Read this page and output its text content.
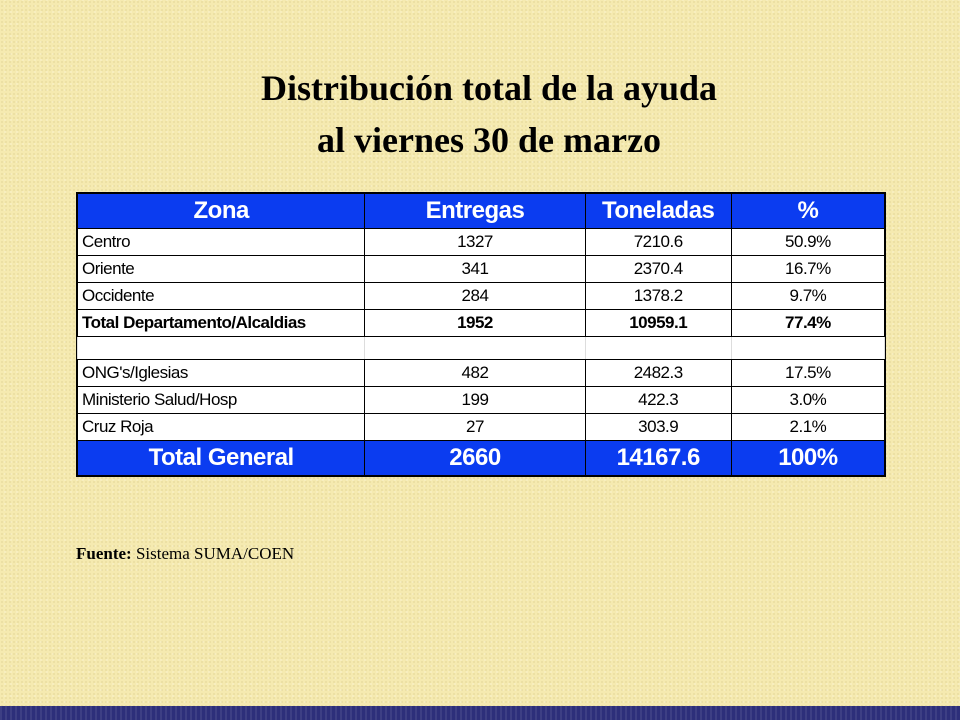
Distribución total de la ayuda
al viernes 30 de marzo
Zona	Entregas	Toneladas	%
Centro	1327	7210.6	50.9%
Oriente	341	2370.4	16.7%
Occidente	284	1378.2	9.7%
Total Departamento/Alcaldias	1952	10959.1	77.4%

ONG's/Iglesias	482	2482.3	17.5%
Ministerio Salud/Hosp	199	422.3	3.0%
Cruz Roja	27	303.9	2.1%
Total General	2660	14167.6	100%
Fuente: Sistema SUMA/COEN
